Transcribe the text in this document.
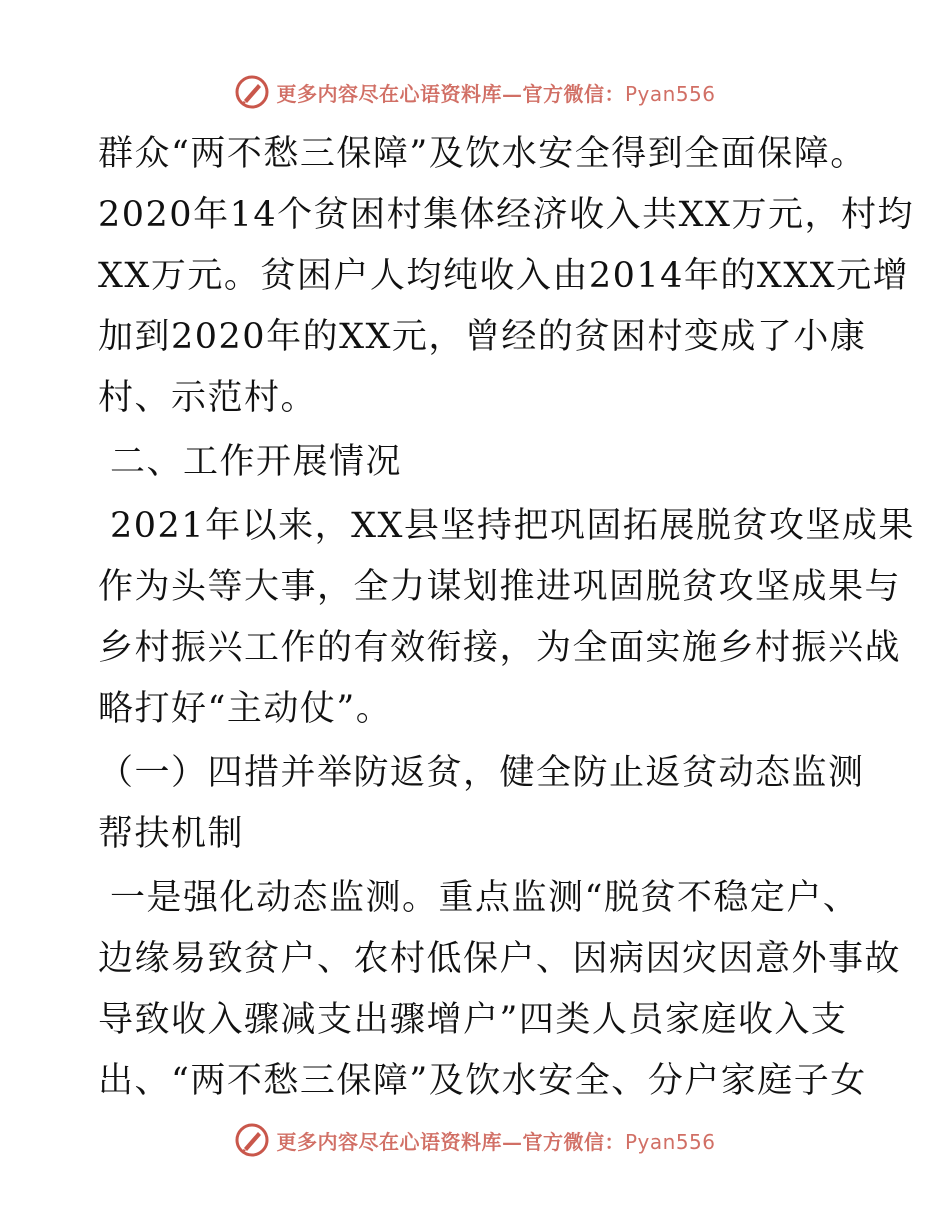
更多内容尽在心语资料库—官方微信：Pyan556
群众“两不愁三保障”及饮水安全得到全面保障。
2020年14个贫困村集体经济收入共XX万元，村均
XX万元。贫困户人均纯收入由2014年的XXX元增
加到2020年的XX元，曾经的贫困村变成了小康
村、示范村。
二、工作开展情况
2021年以来，XX县坚持把巩固拓展脱贫攻坚成果
作为头等大事，全力谋划推进巩固脱贫攻坚成果与
乡村振兴工作的有效衔接，为全面实施乡村振兴战
略打好“主动仗”。
（一）四措并举防返贫，健全防止返贫动态监测
帮扶机制
一是强化动态监测。重点监测“脱贫不稳定户、
边缘易致贫户、农村低保户、因病因灾因意外事故
导致收入骤减支出骤增户”四类人员家庭收入支
出、“两不愁三保障”及饮水安全、分户家庭子女
更多内容尽在心语资料库—官方微信：Pyan556
